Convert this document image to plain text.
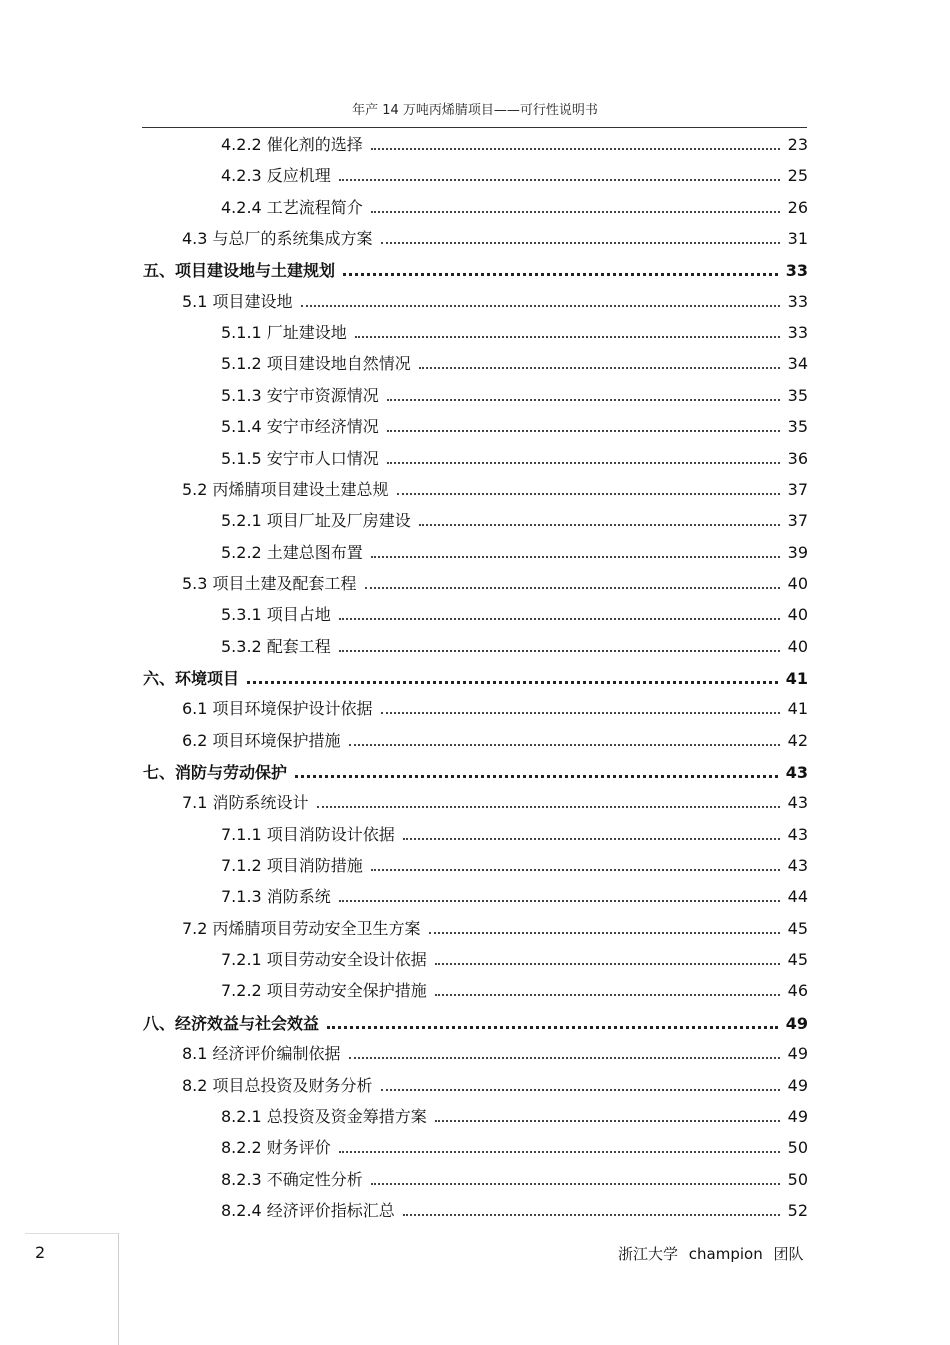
年产 14 万吨丙烯腈项目——可行性说明书
4.2.2 催化剂的选择	23
4.2.3 反应机理	25
4.2.4 工艺流程简介	26
4.3 与总厂的系统集成方案	31
五、项目建设地与土建规划	33
5.1 项目建设地	33
5.1.1 厂址建设地	33
5.1.2 项目建设地自然情况	34
5.1.3 安宁市资源情况	35
5.1.4 安宁市经济情况	35
5.1.5 安宁市人口情况	36
5.2 丙烯腈项目建设土建总规	37
5.2.1 项目厂址及厂房建设	37
5.2.2 土建总图布置	39
5.3 项目土建及配套工程	40
5.3.1 项目占地	40
5.3.2 配套工程	40
六、环境项目	41
6.1 项目环境保护设计依据	41
6.2 项目环境保护措施	42
七、消防与劳动保护	43
7.1 消防系统设计	43
7.1.1 项目消防设计依据	43
7.1.2 项目消防措施	43
7.1.3 消防系统	44
7.2 丙烯腈项目劳动安全卫生方案	45
7.2.1 项目劳动安全设计依据	45
7.2.2 项目劳动安全保护措施	46
八、经济效益与社会效益	49
8.1 经济评价编制依据	49
8.2 项目总投资及财务分析	49
8.2.1 总投资及资金筹措方案	49
8.2.2 财务评价	50
8.2.3 不确定性分析	50
8.2.4 经济评价指标汇总	52
2	浙江大学 champion 团队
